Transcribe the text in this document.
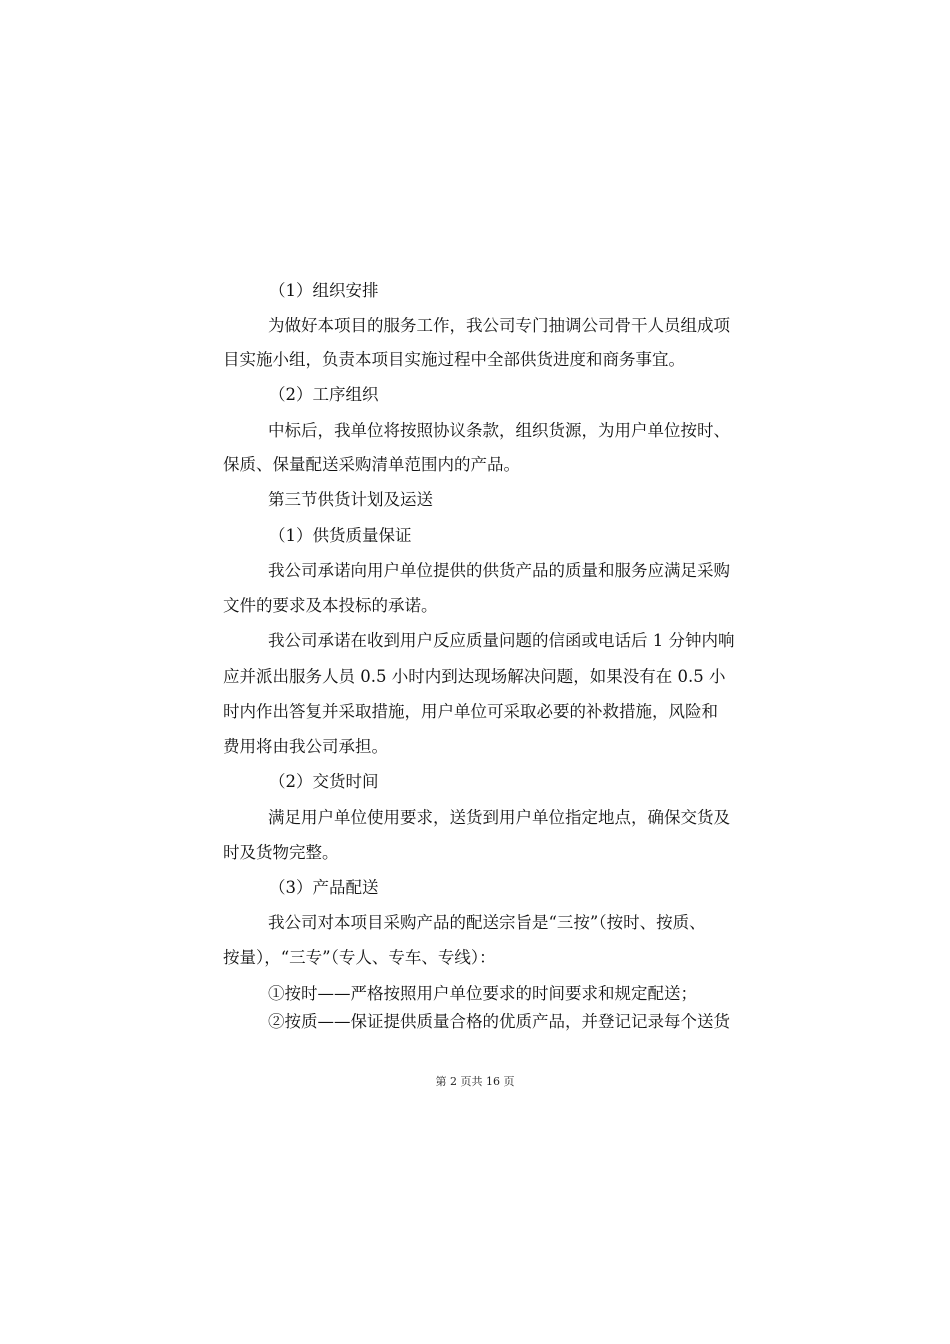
（1）组织安排
为做好本项目的服务工作，我公司专门抽调公司骨干人员组成项
目实施小组，负责本项目实施过程中全部供货进度和商务事宜。
（2）工序组织
中标后，我单位将按照协议条款，组织货源，为用户单位按时、
保质、保量配送采购清单范围内的产品。
第三节供货计划及运送
（1）供货质量保证
我公司承诺向用户单位提供的供货产品的质量和服务应满足采购
文件的要求及本投标的承诺。
我公司承诺在收到用户反应质量问题的信函或电话后 1 分钟内响
应并派出服务人员 0.5 小时内到达现场解决问题，如果没有在 0.5 小
时内作出答复并采取措施，用户单位可采取必要的补救措施，风险和
费用将由我公司承担。
（2）交货时间
满足用户单位使用要求，送货到用户单位指定地点，确保交货及
时及货物完整。
（3）产品配送
我公司对本项目采购产品的配送宗旨是“三按”（按时、按质、
按量），“三专”（专人、专车、专线）：
①按时——严格按照用户单位要求的时间要求和规定配送；
②按质——保证提供质量合格的优质产品，并登记记录每个送货
第 2 页共 16 页
